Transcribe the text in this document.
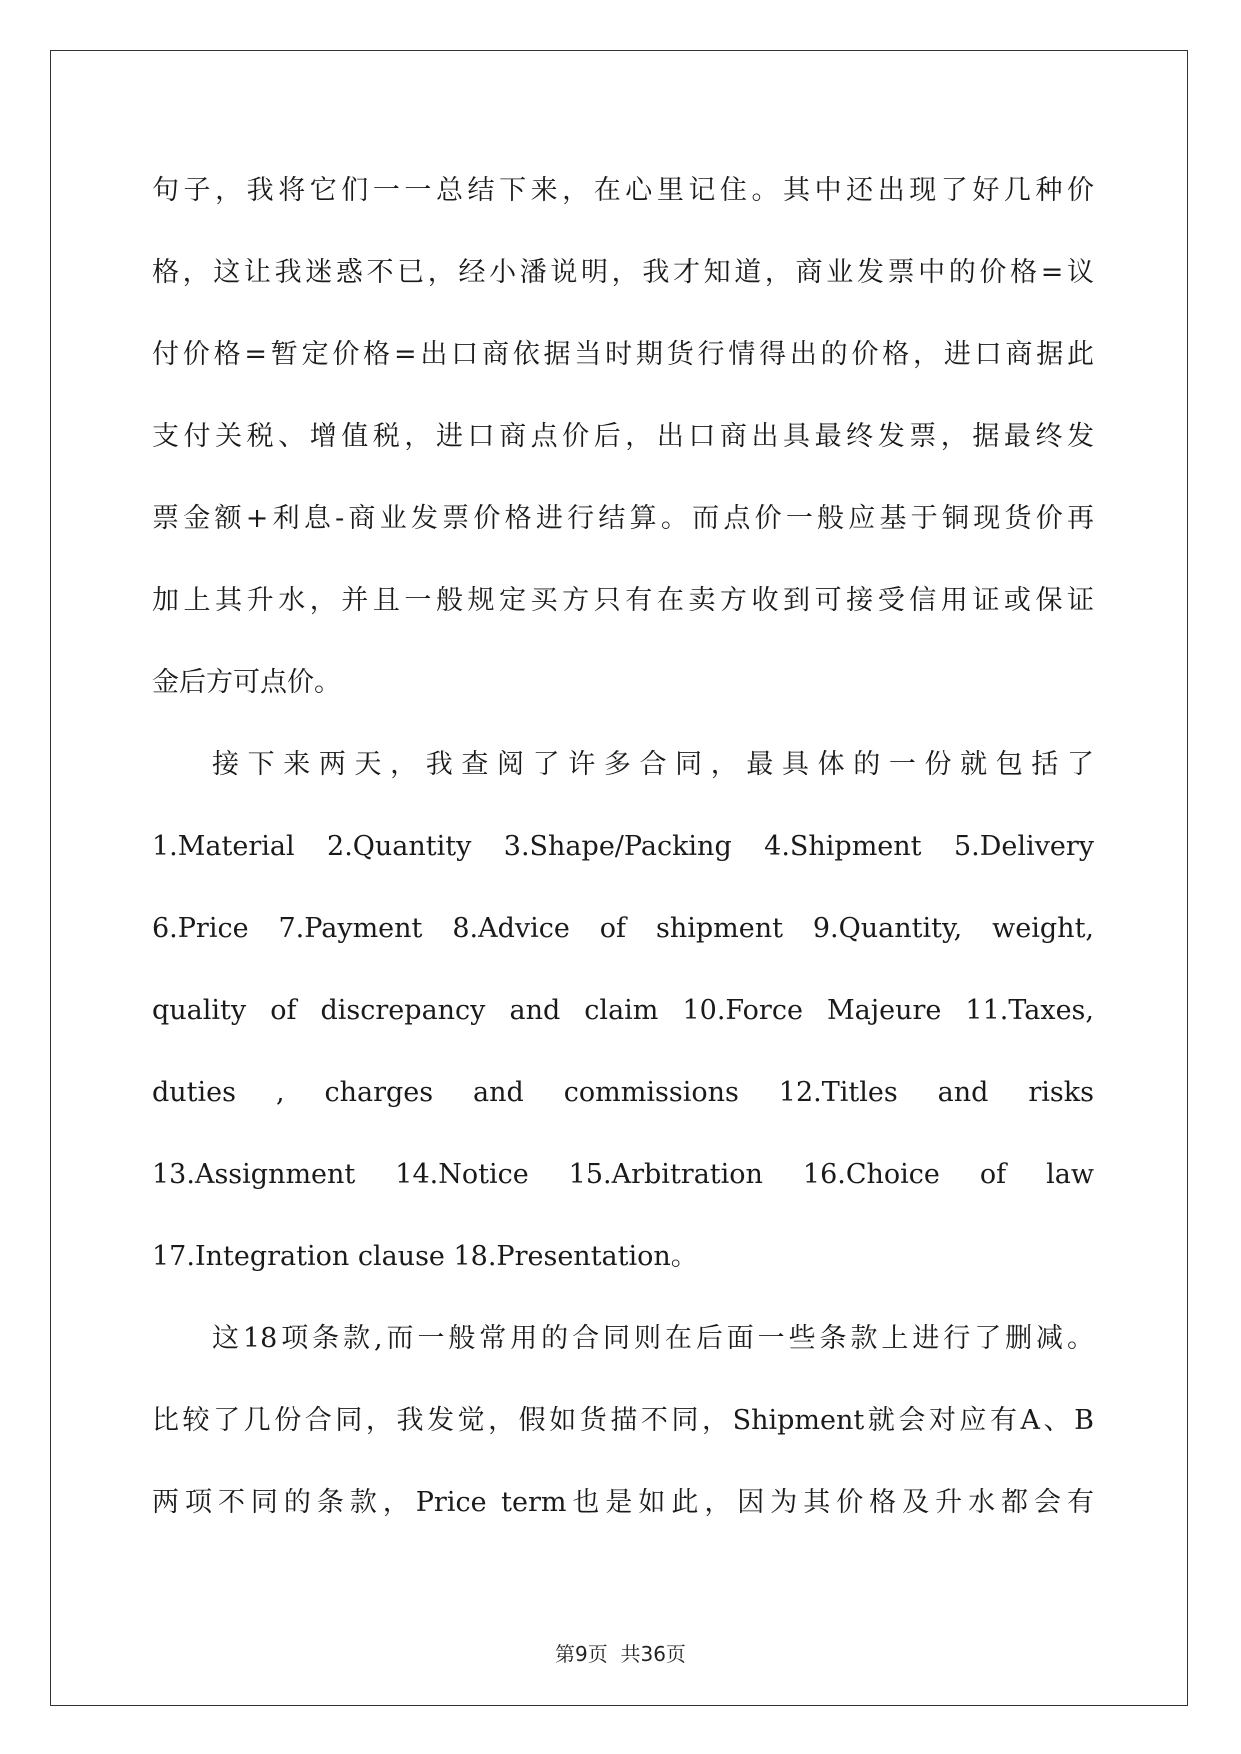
句子，我将它们一一总结下来，在心里记住。其中还出现了好几种价
格，这让我迷惑不已，经小潘说明，我才知道，商业发票中的价格=议
付价格=暂定价格=出口商依据当时期货行情得出的价格，进口商据此
支付关税、增值税，进口商点价后，出口商出具最终发票，据最终发
票金额+利息-商业发票价格进行结算。而点价一般应基于铜现货价再
加上其升水，并且一般规定买方只有在卖方收到可接受信用证或保证
金后方可点价。
接下来两天，我查阅了许多合同，最具体的一份就包括了
1.Material 2.Quantity 3.Shape/Packing 4.Shipment 5.Delivery
6.Price 7.Payment 8.Advice of shipment 9.Quantity, weight,
quality of discrepancy and claim 10.Force Majeure 11.Taxes,
duties , charges and commissions 12.Titles and risks
13.Assignment 14.Notice 15.Arbitration 16.Choice of law
17.Integration clause 18.Presentation。
这18项条款,而一般常用的合同则在后面一些条款上进行了删减。
比较了几份合同，我发觉，假如货描不同，Shipment就会对应有A、B
两项不同的条款，Price term也是如此，因为其价格及升水都会有
第9页  共36页
